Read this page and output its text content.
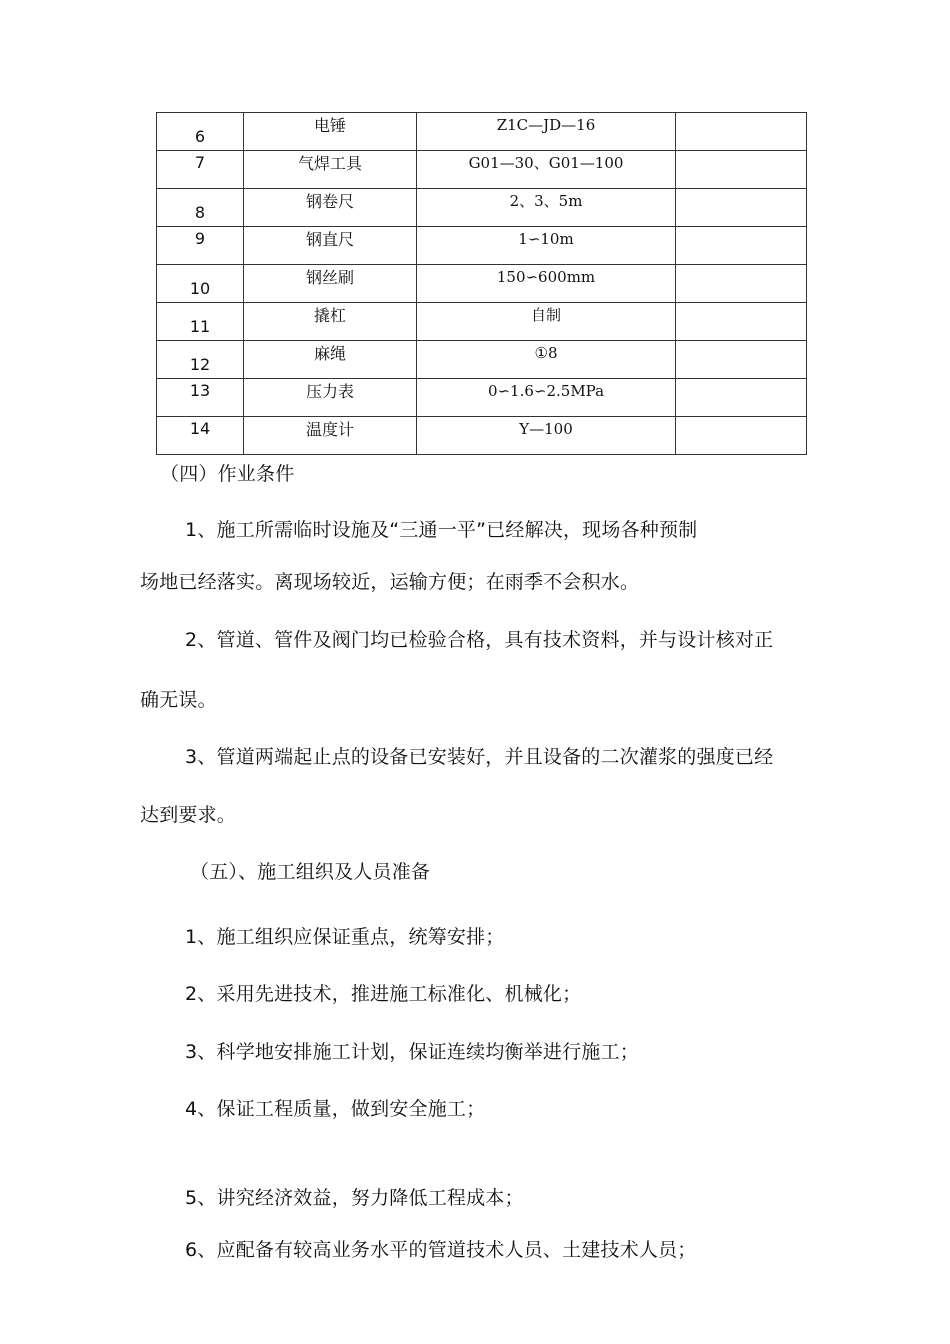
6	电锤	Z1C—JD—16	
7	气焊工具	G01—30、G01—100	
8	钢卷尺	2、3、5m	
9	钢直尺	1∽10m	
10	钢丝刷	150∽600mm	
11	撬杠	自制	
12	麻绳	①8	
13	压力表	0∽1.6∽2.5MPa	
14	温度计	Y—100	

（四）作业条件

1、施工所需临时设施及“三通一平”已经解决，现场各种预制

场地已经落实。离现场较近，运输方便；在雨季不会积水。

2、管道、管件及阀门均已检验合格，具有技术资料，并与设计核对正

确无误。

3、管道两端起止点的设备已安装好，并且设备的二次灌浆的强度已经

达到要求。

（五）、施工组织及人员准备

1、施工组织应保证重点，统筹安排；

2、采用先进技术，推进施工标准化、机械化；

3、科学地安排施工计划，保证连续均衡举进行施工；

4、保证工程质量，做到安全施工；

5、讲究经济效益，努力降低工程成本；

6、应配备有较高业务水平的管道技术人员、土建技术人员；
